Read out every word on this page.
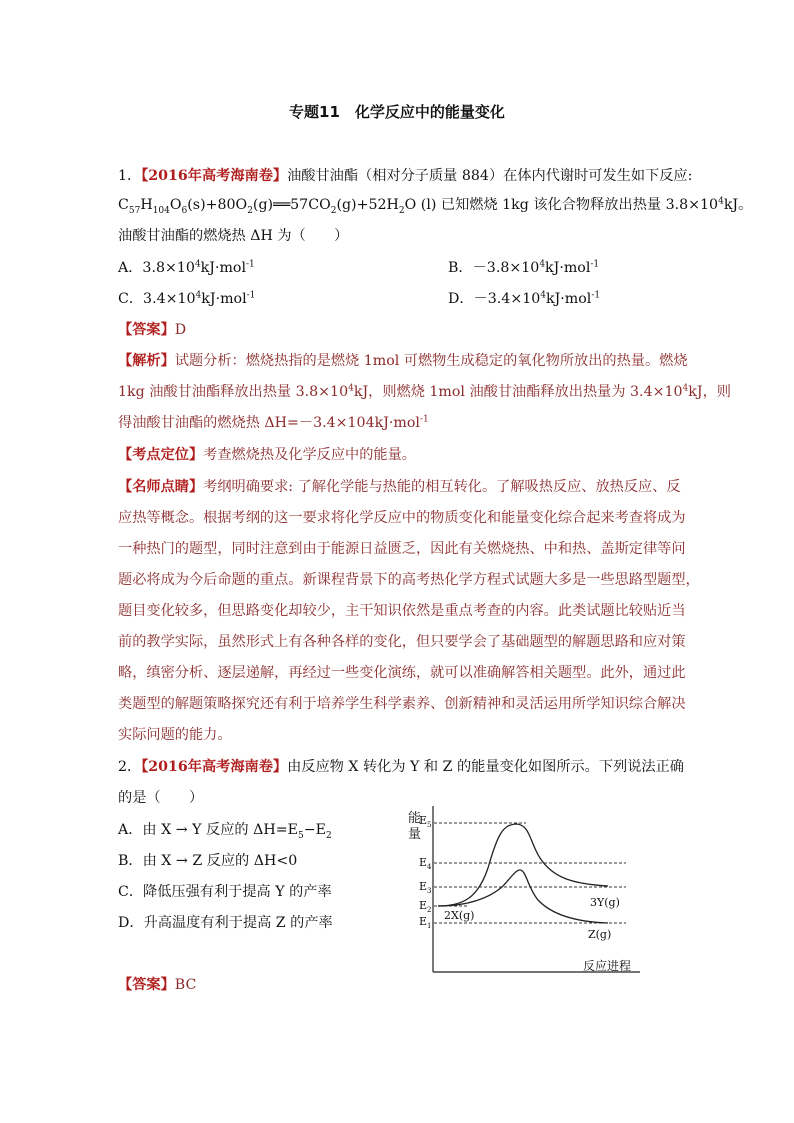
专题11　化学反应中的能量变化
1．【2016年高考海南卷】油酸甘油酯（相对分子质量 884）在体内代谢时可发生如下反应:
$C_{57}H_{104}O_6(s)+80O_2(g)══57CO_2(g)+52H_2O$ (l) 已知燃烧 1kg 该化合物释放出热量 $3.8\times 10^4kJ$。
油酸甘油酯的燃烧热 ΔH 为（　　）
A．$3.8\times 10^4kJ\cdot mol^{-1}$	B．$-3.8\times 10^4kJ\cdot mol^{-1}$
C．$3.4\times 10^4kJ\cdot mol^{-1}$	D．$-3.4\times 10^4kJ\cdot mol^{-1}$
【答案】D
【解析】试题分析：燃烧热指的是燃烧 1mol 可燃物生成稳定的氧化物所放出的热量。燃烧
1kg 油酸甘油酯释放出热量 $3.8\times 10^4kJ$，则燃烧 1mol 油酸甘油酯释放出热量为 $3.4\times 10^4kJ$，则
得油酸甘油酯的燃烧热 ΔH=－3.4×104kJ·mol$^{-1}$
【考点定位】考查燃烧热及化学反应中的能量。
【名师点睛】考纲明确要求: 了解化学能与热能的相互转化。了解吸热反应、放热反应、反
应热等概念。根据考纲的这一要求将化学反应中的物质变化和能量变化综合起来考查将成为
一种热门的题型，同时注意到由于能源日益匮乏，因此有关燃烧热、中和热、盖斯定律等问
题必将成为今后命题的重点。新课程背景下的高考热化学方程式试题大多是一些思路型题型，
题目变化较多，但思路变化却较少，主干知识依然是重点考查的内容。此类试题比较贴近当
前的教学实际，虽然形式上有各种各样的变化，但只要学会了基础题型的解题思路和应对策
略，缜密分析、逐层递解，再经过一些变化演练，就可以准确解答相关题型。此外，通过此
类题型的解题策略探究还有利于培养学生科学素养、创新精神和灵活运用所学知识综合解决
实际问题的能力。
2．【2016年高考海南卷】由反应物 X 转化为 Y 和 Z 的能量变化如图所示。下列说法正确
的是（　　）
A．由 X → Y 反应的 $\Delta H=E_5-E_2$
B．由 X → Z 反应的 ΔH<0
C．降低压强有利于提高 Y 的产率
D．升高温度有利于提高 Z 的产率
【答案】BC
能
量
反应进程
$E_5$
$E_4$
$E_3$
$E_2$
$E_1$
2X(g)
3Y(g)
Z(g)
